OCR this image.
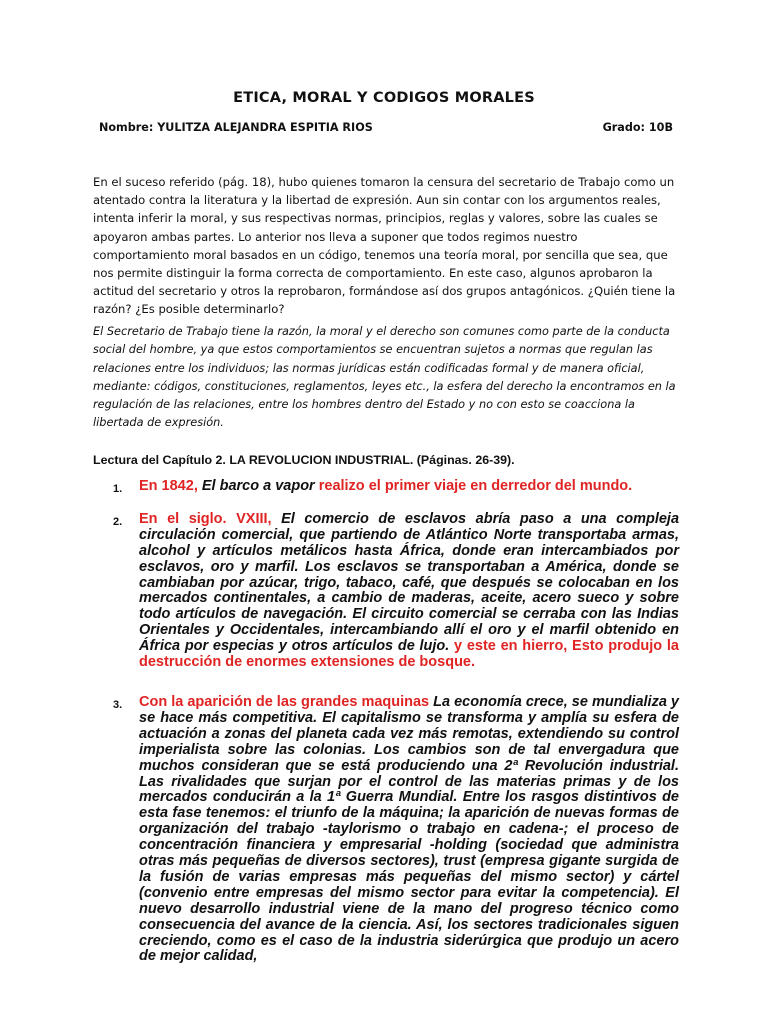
ETICA, MORAL Y CODIGOS MORALES
Nombre: YULITZA ALEJANDRA ESPITIA RIOS	Grado: 10B
En el suceso referido (pág. 18), hubo quienes tomaron la censura del secretario de Trabajo como un atentado contra la literatura y la libertad de expresión. Aun sin contar con los argumentos reales, intenta inferir la moral, y sus respectivas normas, principios, reglas y valores, sobre las cuales se apoyaron ambas partes. Lo anterior nos lleva a suponer que todos regimos nuestro comportamiento moral basados en un código, tenemos una teoría moral, por sencilla que sea, que nos permite distinguir la forma correcta de comportamiento. En este caso, algunos aprobaron la actitud del secretario y otros la reprobaron, formándose así dos grupos antagónicos. ¿Quién tiene la razón? ¿Es posible determinarlo?
El Secretario de Trabajo tiene la razón, la moral y el derecho son comunes como parte de la conducta social del hombre, ya que estos comportamientos se encuentran sujetos a normas que regulan las relaciones entre los individuos; las normas jurídicas están codificadas formal y de manera oficial, mediante: códigos, constituciones, reglamentos, leyes etc., la esfera del derecho la encontramos en la regulación de las relaciones, entre los hombres dentro del Estado y no con esto se coacciona la libertada de expresión.
Lectura del Capítulo 2. LA REVOLUCION INDUSTRIAL. (Páginas. 26-39).
1. En 1842, El barco a vapor realizo el primer viaje en derredor del mundo.

2. En el siglo. VXIII, El comercio de esclavos abría paso a una compleja circulación comercial, que partiendo de Atlántico Norte transportaba armas, alcohol y artículos metálicos hasta África, donde eran intercambiados por esclavos, oro y marfil. Los esclavos se transportaban a América, donde se cambiaban por azúcar, trigo, tabaco, café, que después se colocaban en los mercados continentales, a cambio de maderas, aceite, acero sueco y sobre todo artículos de navegación. El circuito comercial se cerraba con las Indias Orientales y Occidentales, intercambiando allí el oro y el marfil obtenido en África por especias y otros artículos de lujo. y este en hierro, Esto produjo la destrucción de enormes extensiones de bosque.

3. Con la aparición de las grandes maquinas La economía crece, se mundializa y se hace más competitiva. El capitalismo se transforma y amplía su esfera de actuación a zonas del planeta cada vez más remotas, extendiendo su control imperialista sobre las colonias. Los cambios son de tal envergadura que muchos consideran que se está produciendo una 2ª Revolución industrial. Las rivalidades que surjan por el control de las materias primas y de los mercados conducirán a la 1ª Guerra Mundial. Entre los rasgos distintivos de esta fase tenemos: el triunfo de la máquina; la aparición de nuevas formas de organización del trabajo -taylorismo o trabajo en cadena-; el proceso de concentración financiera y empresarial -holding (sociedad que administra otras más pequeñas de diversos sectores), trust (empresa gigante surgida de la fusión de varias empresas más pequeñas del mismo sector) y cártel (convenio entre empresas del mismo sector para evitar la competencia). El nuevo desarrollo industrial viene de la mano del progreso técnico como consecuencia del avance de la ciencia. Así, los sectores tradicionales siguen creciendo, como es el caso de la industria siderúrgica que produjo un acero de mejor calidad,
